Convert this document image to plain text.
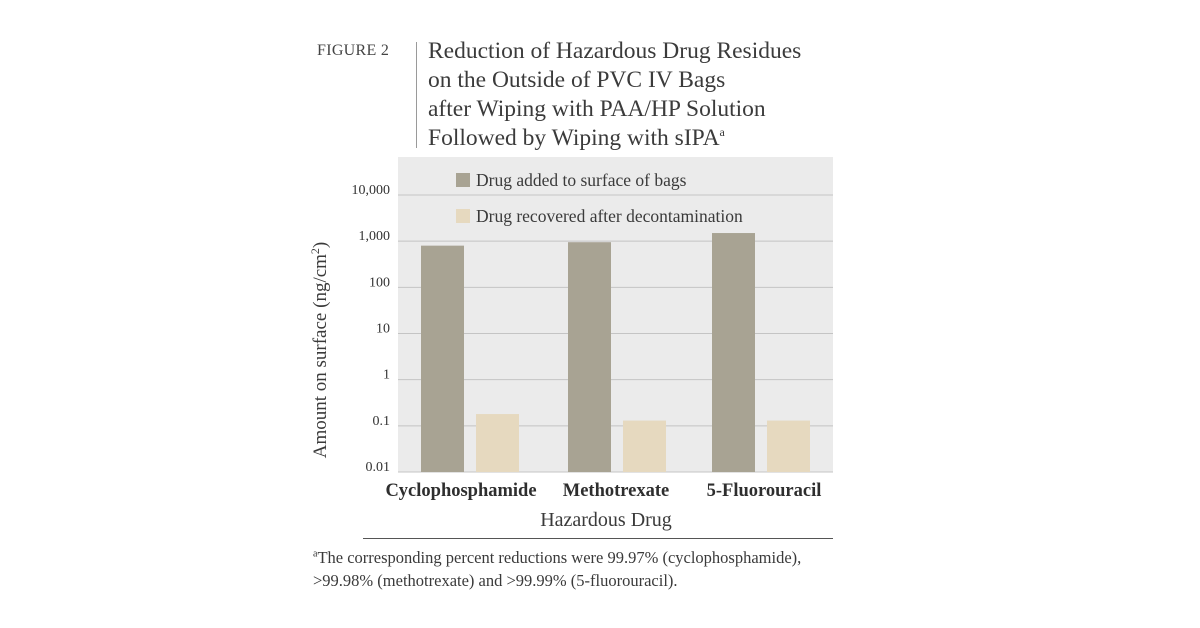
FIGURE 2 Reduction of Hazardous Drug Residues
on the Outside of PVC IV Bags
after Wiping with PAA/HP Solution
Followed by Wiping with sIPA$^a$
0.01
0.1
1
10
100
1,000
10,000
Drug added to surface of bags
Drug recovered after decontamination
Cyclophosphamide Methotrexate 5-Fluorouracil
Hazardous Drug
Amount on surface $(ng/cm^2)$
$^a$The corresponding percent reductions were 99.97% (cyclophosphamide),
>99.98% (methotrexate) and >99.99% (5-fluorouracil).
